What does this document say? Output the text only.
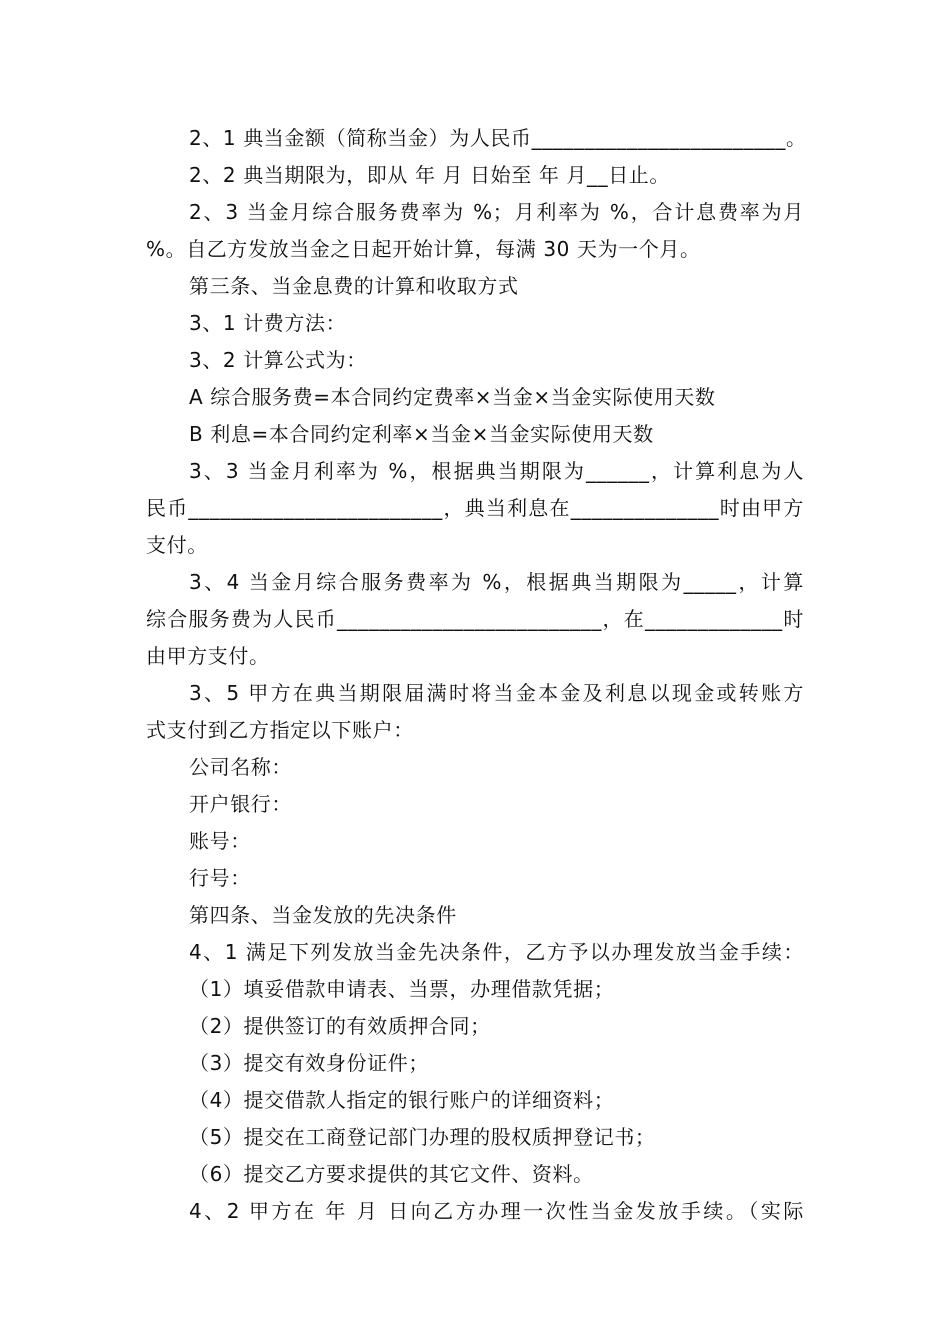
2、1 典当金额（简称当金）为人民币________________________。
2、2 典当期限为，即从 年 月 日始至 年 月__日止。
2、3 当金月综合服务费率为 %；月利率为 %，合计息费率为月
%。自乙方发放当金之日起开始计算，每满 30 天为一个月。
第三条、当金息费的计算和收取方式
3、1 计费方法：
3、2 计算公式为：
A 综合服务费=本合同约定费率×当金×当金实际使用天数
B 利息=本合同约定利率×当金×当金实际使用天数
3、3 当金月利率为 %，根据典当期限为______，计算利息为人
民币________________________，典当利息在______________时由甲方
支付。
3、4 当金月综合服务费率为 %，根据典当期限为_____，计算
综合服务费为人民币_________________________，在_____________时
由甲方支付。
3、5 甲方在典当期限届满时将当金本金及利息以现金或转账方
式支付到乙方指定以下账户：
公司名称：
开户银行：
账号：
行号：
第四条、当金发放的先决条件
4、1 满足下列发放当金先决条件，乙方予以办理发放当金手续：
（1）填妥借款申请表、当票，办理借款凭据；
（2）提供签订的有效质押合同；
（3）提交有效身份证件；
（4）提交借款人指定的银行账户的详细资料；
（5）提交在工商登记部门办理的股权质押登记书；
（6）提交乙方要求提供的其它文件、资料。
4、2 甲方在 年 月 日向乙方办理一次性当金发放手续。（实际
